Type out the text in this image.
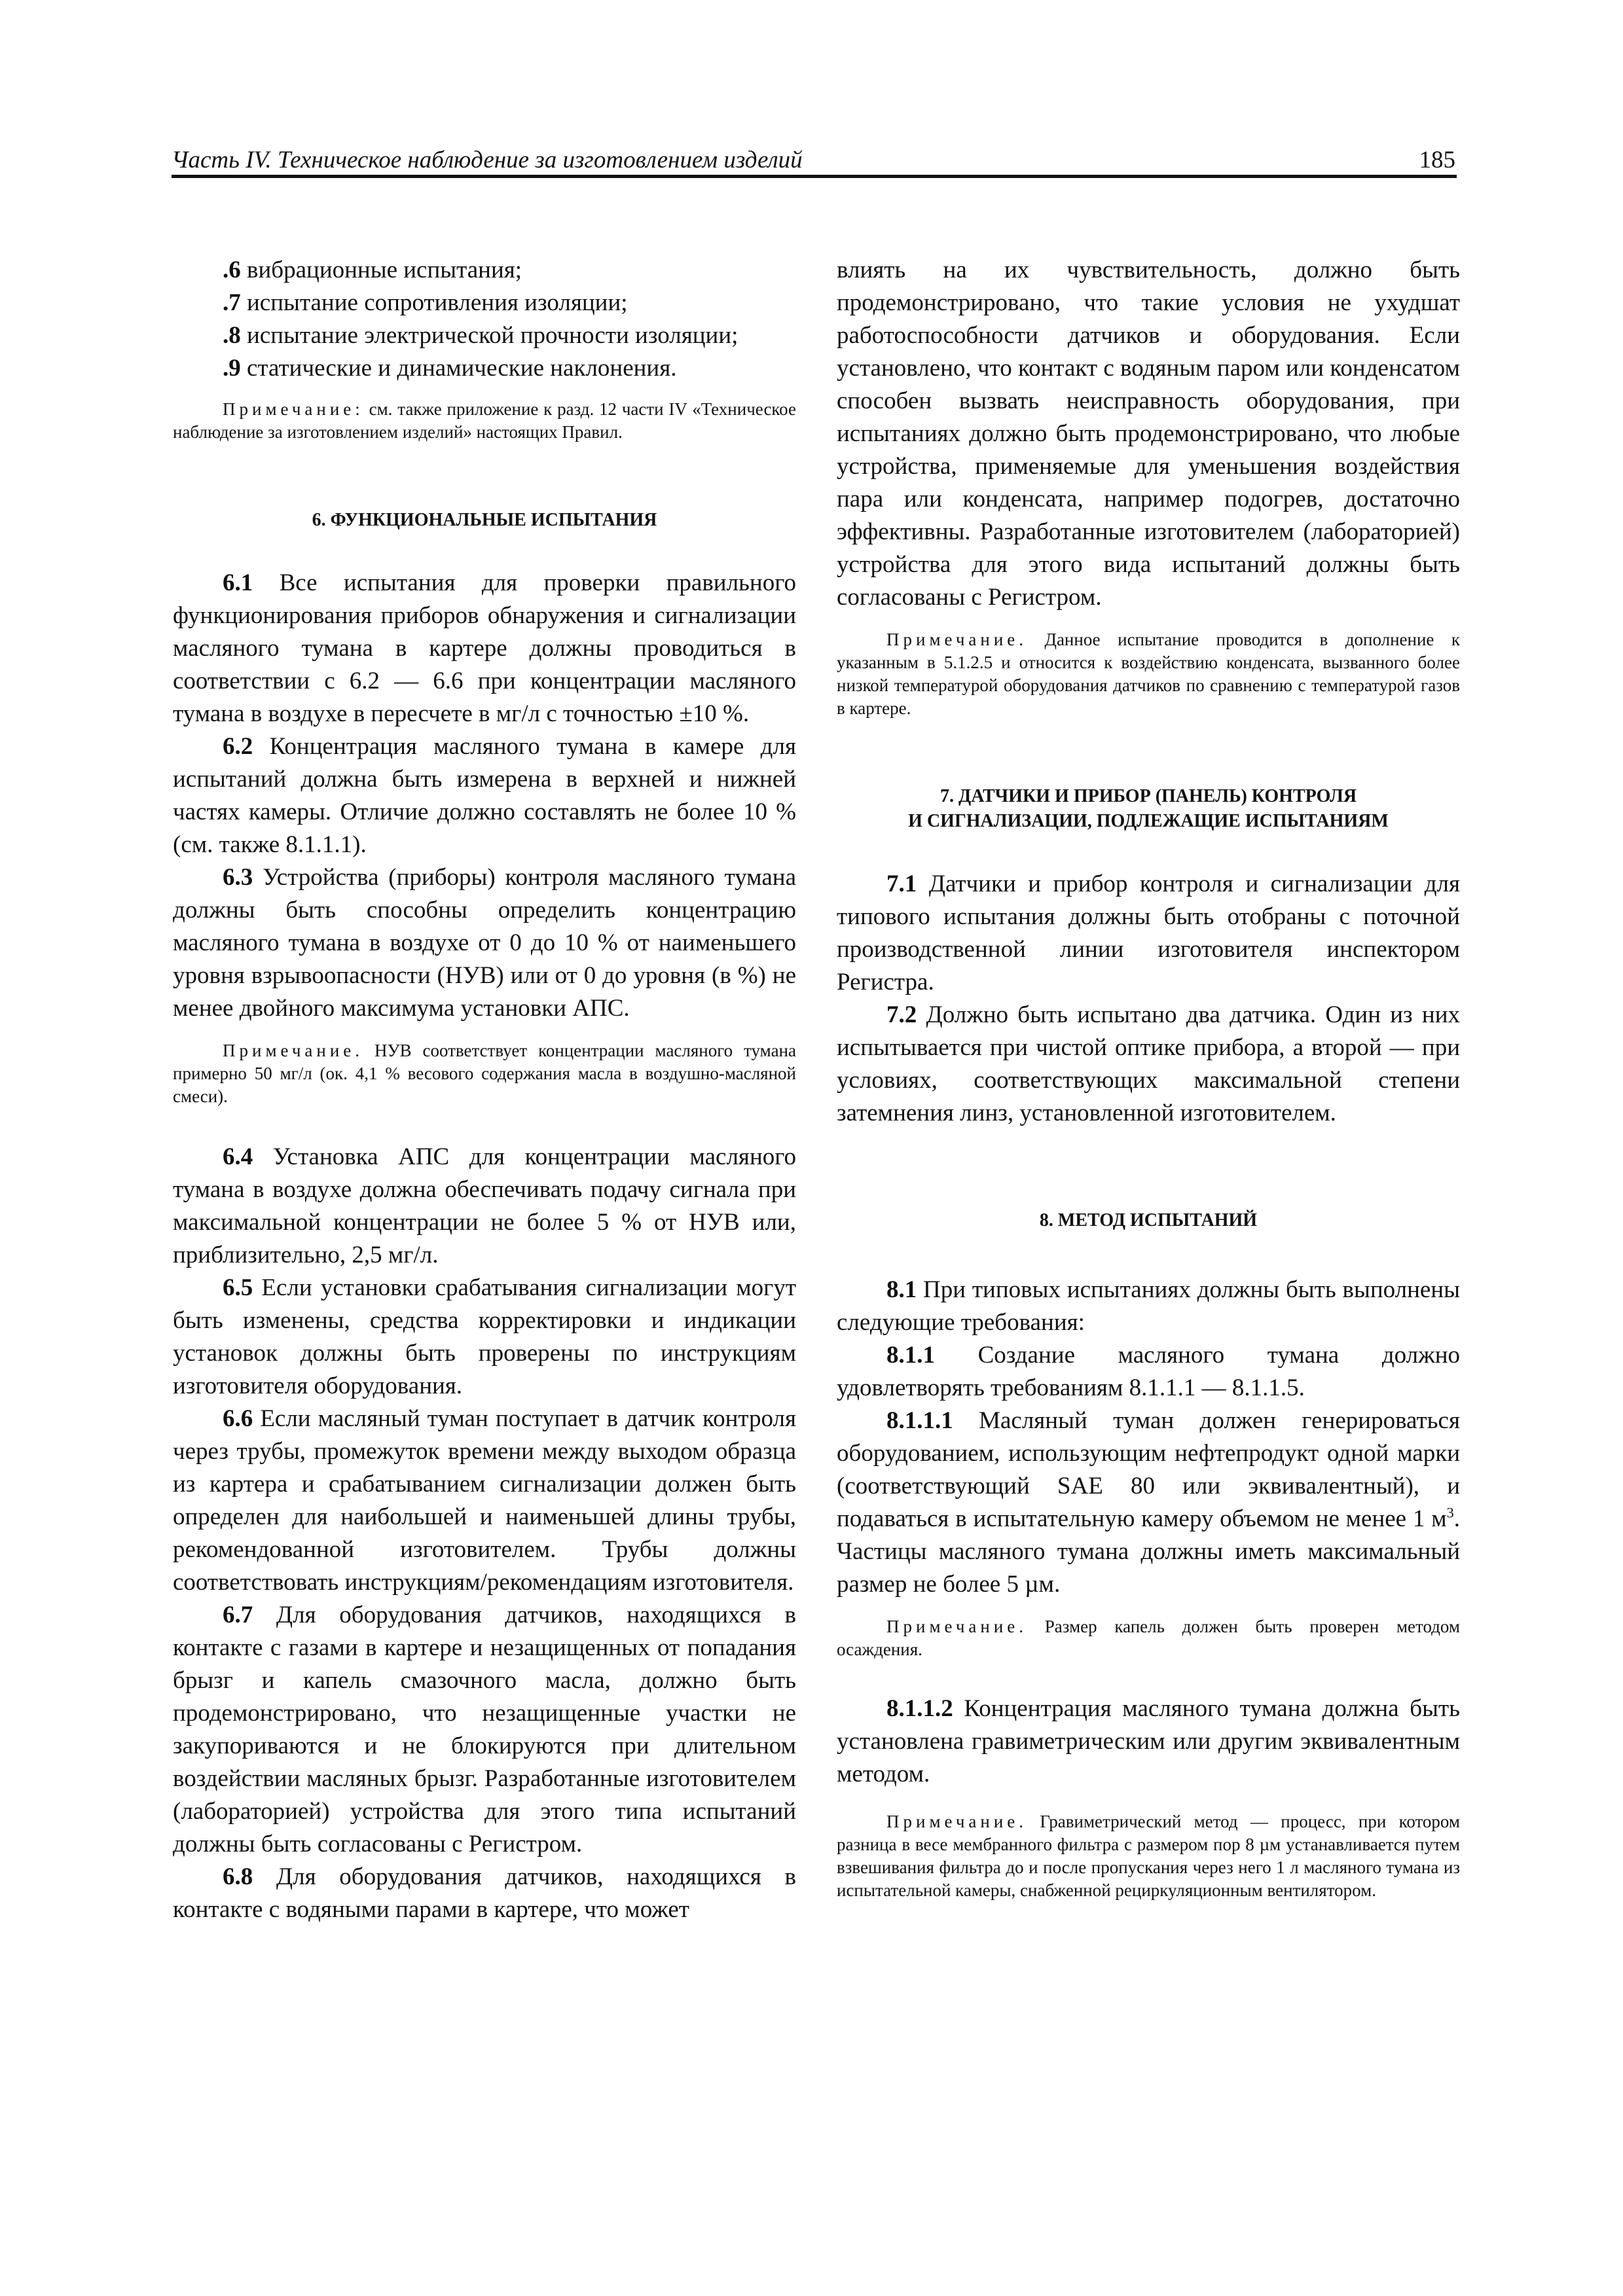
Часть IV. Техническое наблюдение за изготовлением изделий	185

.6 вибрационные испытания;

.7 испытание сопротивления изоляции;

.8 испытание электрической прочности изоляции;

.9 статические и динамические наклонения.

Примечание: см. также приложение к разд. 12 части IV «Техническое наблюдение за изготовлением изделий» настоящих Правил.

6. ФУНКЦИОНАЛЬНЫЕ ИСПЫТАНИЯ

6.1 Все испытания для проверки правильного функционирования приборов обнаружения и сигнализации масляного тумана в картере должны проводиться в соответствии с 6.2 — 6.6 при концентрации масляного тумана в воздухе в пересчете в мг/л с точностью ±10 %.

6.2 Концентрация масляного тумана в камере для испытаний должна быть измерена в верхней и нижней частях камеры. Отличие должно составлять не более 10 % (см. также 8.1.1.1).

6.3 Устройства (приборы) контроля масляного тумана должны быть способны определить концентрацию масляного тумана в воздухе от 0 до 10 % от наименьшего уровня взрывоопасности (НУВ) или от 0 до уровня (в %) не менее двойного максимума установки АПС.

Примечание. НУВ соответствует концентрации масляного тумана примерно 50 мг/л (ок. 4,1 % весового содержания масла в воздушно-масляной смеси).

6.4 Установка АПС для концентрации масляного тумана в воздухе должна обеспечивать подачу сигнала при максимальной концентрации не более 5 % от НУВ или, приблизительно, 2,5 мг/л.

6.5 Если установки срабатывания сигнализации могут быть изменены, средства корректировки и индикации установок должны быть проверены по инструкциям изготовителя оборудования.

6.6 Если масляный туман поступает в датчик контроля через трубы, промежуток времени между выходом образца из картера и срабатыванием сигнализации должен быть определен для наибольшей и наименьшей длины трубы, рекомендованной изготовителем. Трубы должны соответствовать инструкциям/рекомендациям изготовителя.

6.7 Для оборудования датчиков, находящихся в контакте с газами в картере и незащищенных от попадания брызг и капель смазочного масла, должно быть продемонстрировано, что незащищенные участки не закупориваются и не блокируются при длительном воздействии масляных брызг. Разработанные изготовителем (лабораторией) устройства для этого типа испытаний должны быть согласованы с Регистром.

6.8 Для оборудования датчиков, находящихся в контакте с водяными парами в картере, что может

влиять на их чувствительность, должно быть продемонстрировано, что такие условия не ухудшат работоспособности датчиков и оборудования. Если установлено, что контакт с водяным паром или конденсатом способен вызвать неисправность оборудования, при испытаниях должно быть продемонстрировано, что любые устройства, применяемые для уменьшения воздействия пара или конденсата, например подогрев, достаточно эффективны. Разработанные изготовителем (лабораторией) устройства для этого вида испытаний должны быть согласованы с Регистром.

Примечание. Данное испытание проводится в дополнение к указанным в 5.1.2.5 и относится к воздействию конденсата, вызванного более низкой температурой оборудования датчиков по сравнению с температурой газов в картере.

7. ДАТЧИКИ И ПРИБОР (ПАНЕЛЬ) КОНТРОЛЯ
И СИГНАЛИЗАЦИИ, ПОДЛЕЖАЩИЕ ИСПЫТАНИЯМ

7.1 Датчики и прибор контроля и сигнализации для типового испытания должны быть отобраны с поточной производственной линии изготовителя инспектором Регистра.

7.2 Должно быть испытано два датчика. Один из них испытывается при чистой оптике прибора, а второй — при условиях, соответствующих максимальной степени затемнения линз, установленной изготовителем.

8. МЕТОД ИСПЫТАНИЙ

8.1 При типовых испытаниях должны быть выполнены следующие требования:

8.1.1 Создание масляного тумана должно удовлетворять требованиям 8.1.1.1 — 8.1.1.5.

8.1.1.1 Масляный туман должен генерироваться оборудованием, использующим нефтепродукт одной марки (соответствующий SAE 80 или эквивалентный), и подаваться в испытательную камеру объемом не менее 1 $м^3$. Частицы масляного тумана должны иметь максимальный размер не более 5 µм.

Примечание. Размер капель должен быть проверен методом осаждения.

8.1.1.2 Концентрация масляного тумана должна быть установлена гравиметрическим или другим эквивалентным методом.

Примечание. Гравиметрический метод — процесс, при котором разница в весе мембранного фильтра с размером пор 8 µм устанавливается путем взвешивания фильтра до и после пропускания через него 1 л масляного тумана из испытательной камеры, снабженной рециркуляционным вентилятором.
